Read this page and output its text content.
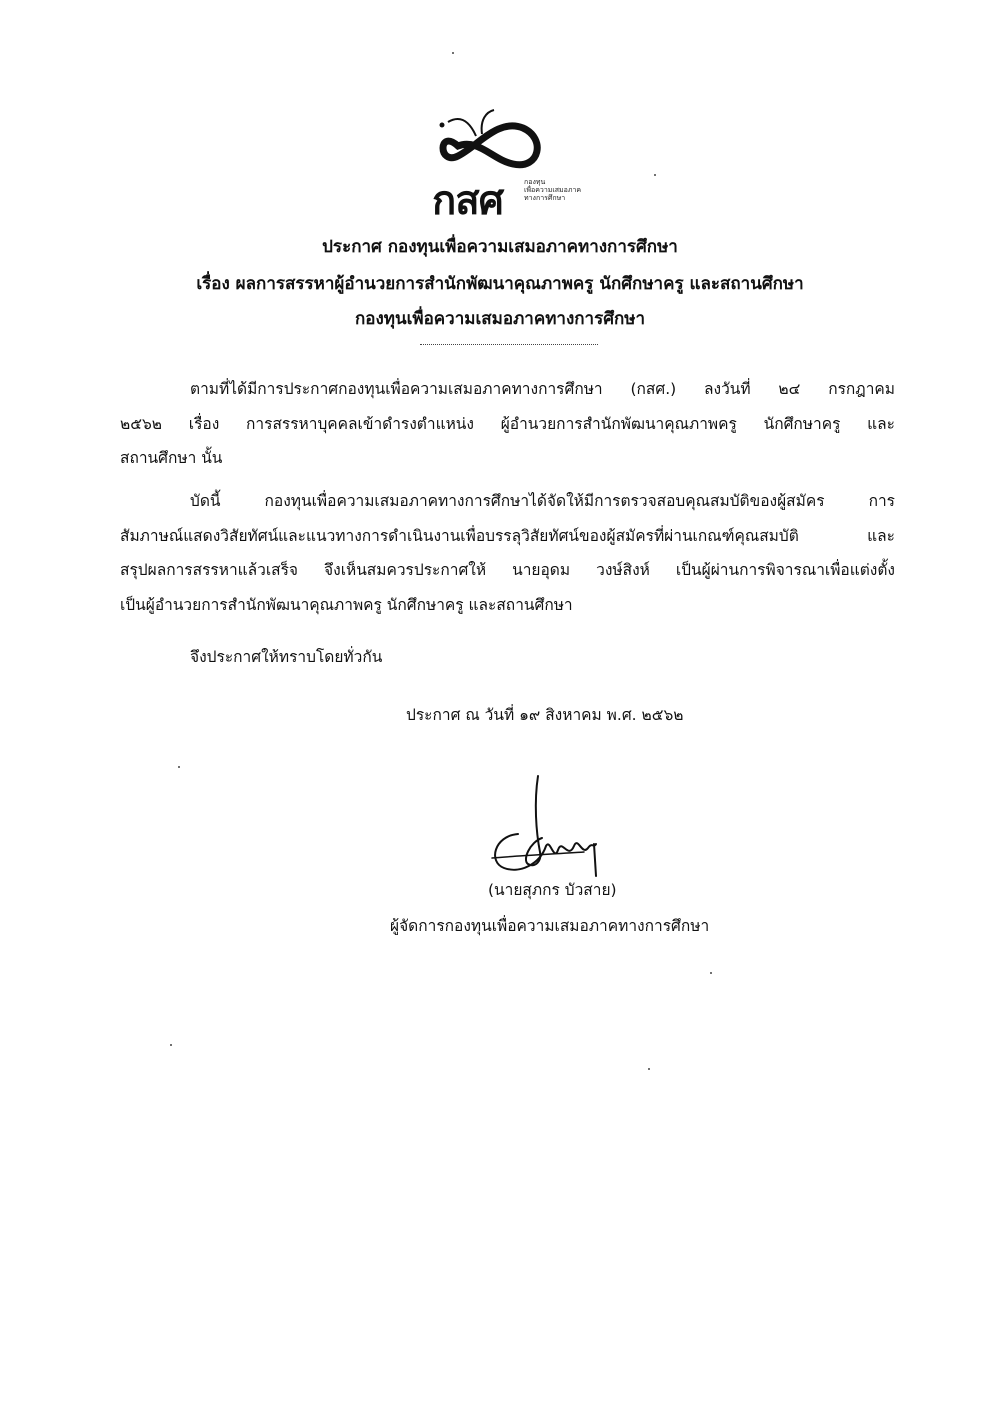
กสศ	กองทุน
เพื่อความเสมอภาค
ทางการศึกษา
ประกาศ กองทุนเพื่อความเสมอภาคทางการศึกษา
เรื่อง ผลการสรรหาผู้อำนวยการสำนักพัฒนาคุณภาพครู นักศึกษาครู และสถานศึกษา
กองทุนเพื่อความเสมอภาคทางการศึกษา
ตามที่ได้มีการประกาศกองทุนเพื่อความเสมอภาคทางการศึกษา (กสศ.) ลงวันที่ ๒๔ กรกฎาคม
๒๕๖๒ เรื่อง การสรรหาบุคคลเข้าดำรงตำแหน่ง ผู้อำนวยการสำนักพัฒนาคุณภาพครู นักศึกษาครู และ
สถานศึกษา นั้น
บัดนี้ กองทุนเพื่อความเสมอภาคทางการศึกษาได้จัดให้มีการตรวจสอบคุณสมบัติของผู้สมัคร การ
สัมภาษณ์แสดงวิสัยทัศน์และแนวทางการดำเนินงานเพื่อบรรลุวิสัยทัศน์ของผู้สมัครที่ผ่านเกณฑ์คุณสมบัติ และ
สรุปผลการสรรหาแล้วเสร็จ จึงเห็นสมควรประกาศให้ นายอุดม วงษ์สิงห์ เป็นผู้ผ่านการพิจารณาเพื่อแต่งตั้ง
เป็นผู้อำนวยการสำนักพัฒนาคุณภาพครู นักศึกษาครู และสถานศึกษา
จึงประกาศให้ทราบโดยทั่วกัน
ประกาศ ณ วันที่ ๑๙ สิงหาคม พ.ศ. ๒๕๖๒
(นายสุภกร บัวสาย)
ผู้จัดการกองทุนเพื่อความเสมอภาคทางการศึกษา
